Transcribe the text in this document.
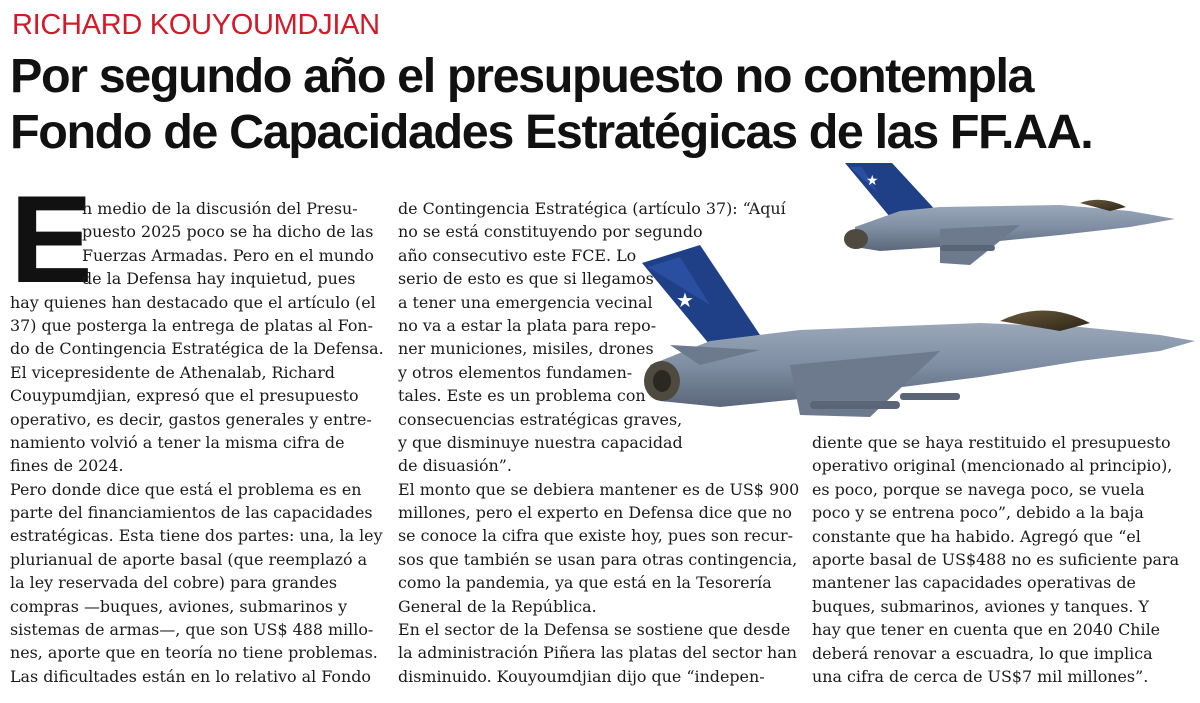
RICHARD KOUYOUMDJIAN
Por segundo año el presupuesto no contempla
Fondo de Capacidades Estratégicas de las FF.AA.
E	★
★
n medio de la discusión del Presu-
puesto 2025 poco se ha dicho de las
Fuerzas Armadas. Pero en el mundo
de la Defensa hay inquietud, pues
hay quienes han destacado que el artículo (el
37) que posterga la entrega de platas al Fon-
do de Contingencia Estratégica de la Defensa.
El vicepresidente de Athenalab, Richard
Couypumdjian, expresó que el presupuesto
operativo, es decir, gastos generales y entre-
namiento volvió a tener la misma cifra de
fines de 2024.
Pero donde dice que está el problema es en
parte del financiamientos de las capacidades
estratégicas. Esta tiene dos partes: una, la ley
plurianual de aporte basal (que reemplazó a
la ley reservada del cobre) para grandes
compras —buques, aviones, submarinos y
sistemas de armas—, que son US$ 488 millo-
nes, aporte que en teoría no tiene problemas.
Las dificultades están en lo relativo al Fondo
de Contingencia Estratégica (artículo 37): “Aquí
no se está constituyendo por segundo
año consecutivo este FCE. Lo
serio de esto es que si llegamos
a tener una emergencia vecinal
no va a estar la plata para repo-
ner municiones, misiles, drones
y otros elementos fundamen-
tales. Este es un problema con
consecuencias estratégicas graves,
y que disminuye nuestra capacidad
de disuasión”.
El monto que se debiera mantener es de US$ 900
millones, pero el experto en Defensa dice que no
se conoce la cifra que existe hoy, pues son recur-
sos que también se usan para otras contingencia,
como la pandemia, ya que está en la Tesorería
General de la República.
En el sector de la Defensa se sostiene que desde
la administración Piñera las platas del sector han
disminuido. Kouyoumdjian dijo que “indepen-
diente que se haya restituido el presupuesto
operativo original (mencionado al principio),
es poco, porque se navega poco, se vuela
poco y se entrena poco”, debido a la baja
constante que ha habido. Agregó que “el
aporte basal de US$488 no es suficiente para
mantener las capacidades operativas de
buques, submarinos, aviones y tanques. Y
hay que tener en cuenta que en 2040 Chile
deberá renovar a escuadra, lo que implica
una cifra de cerca de US$7 mil millones”.
